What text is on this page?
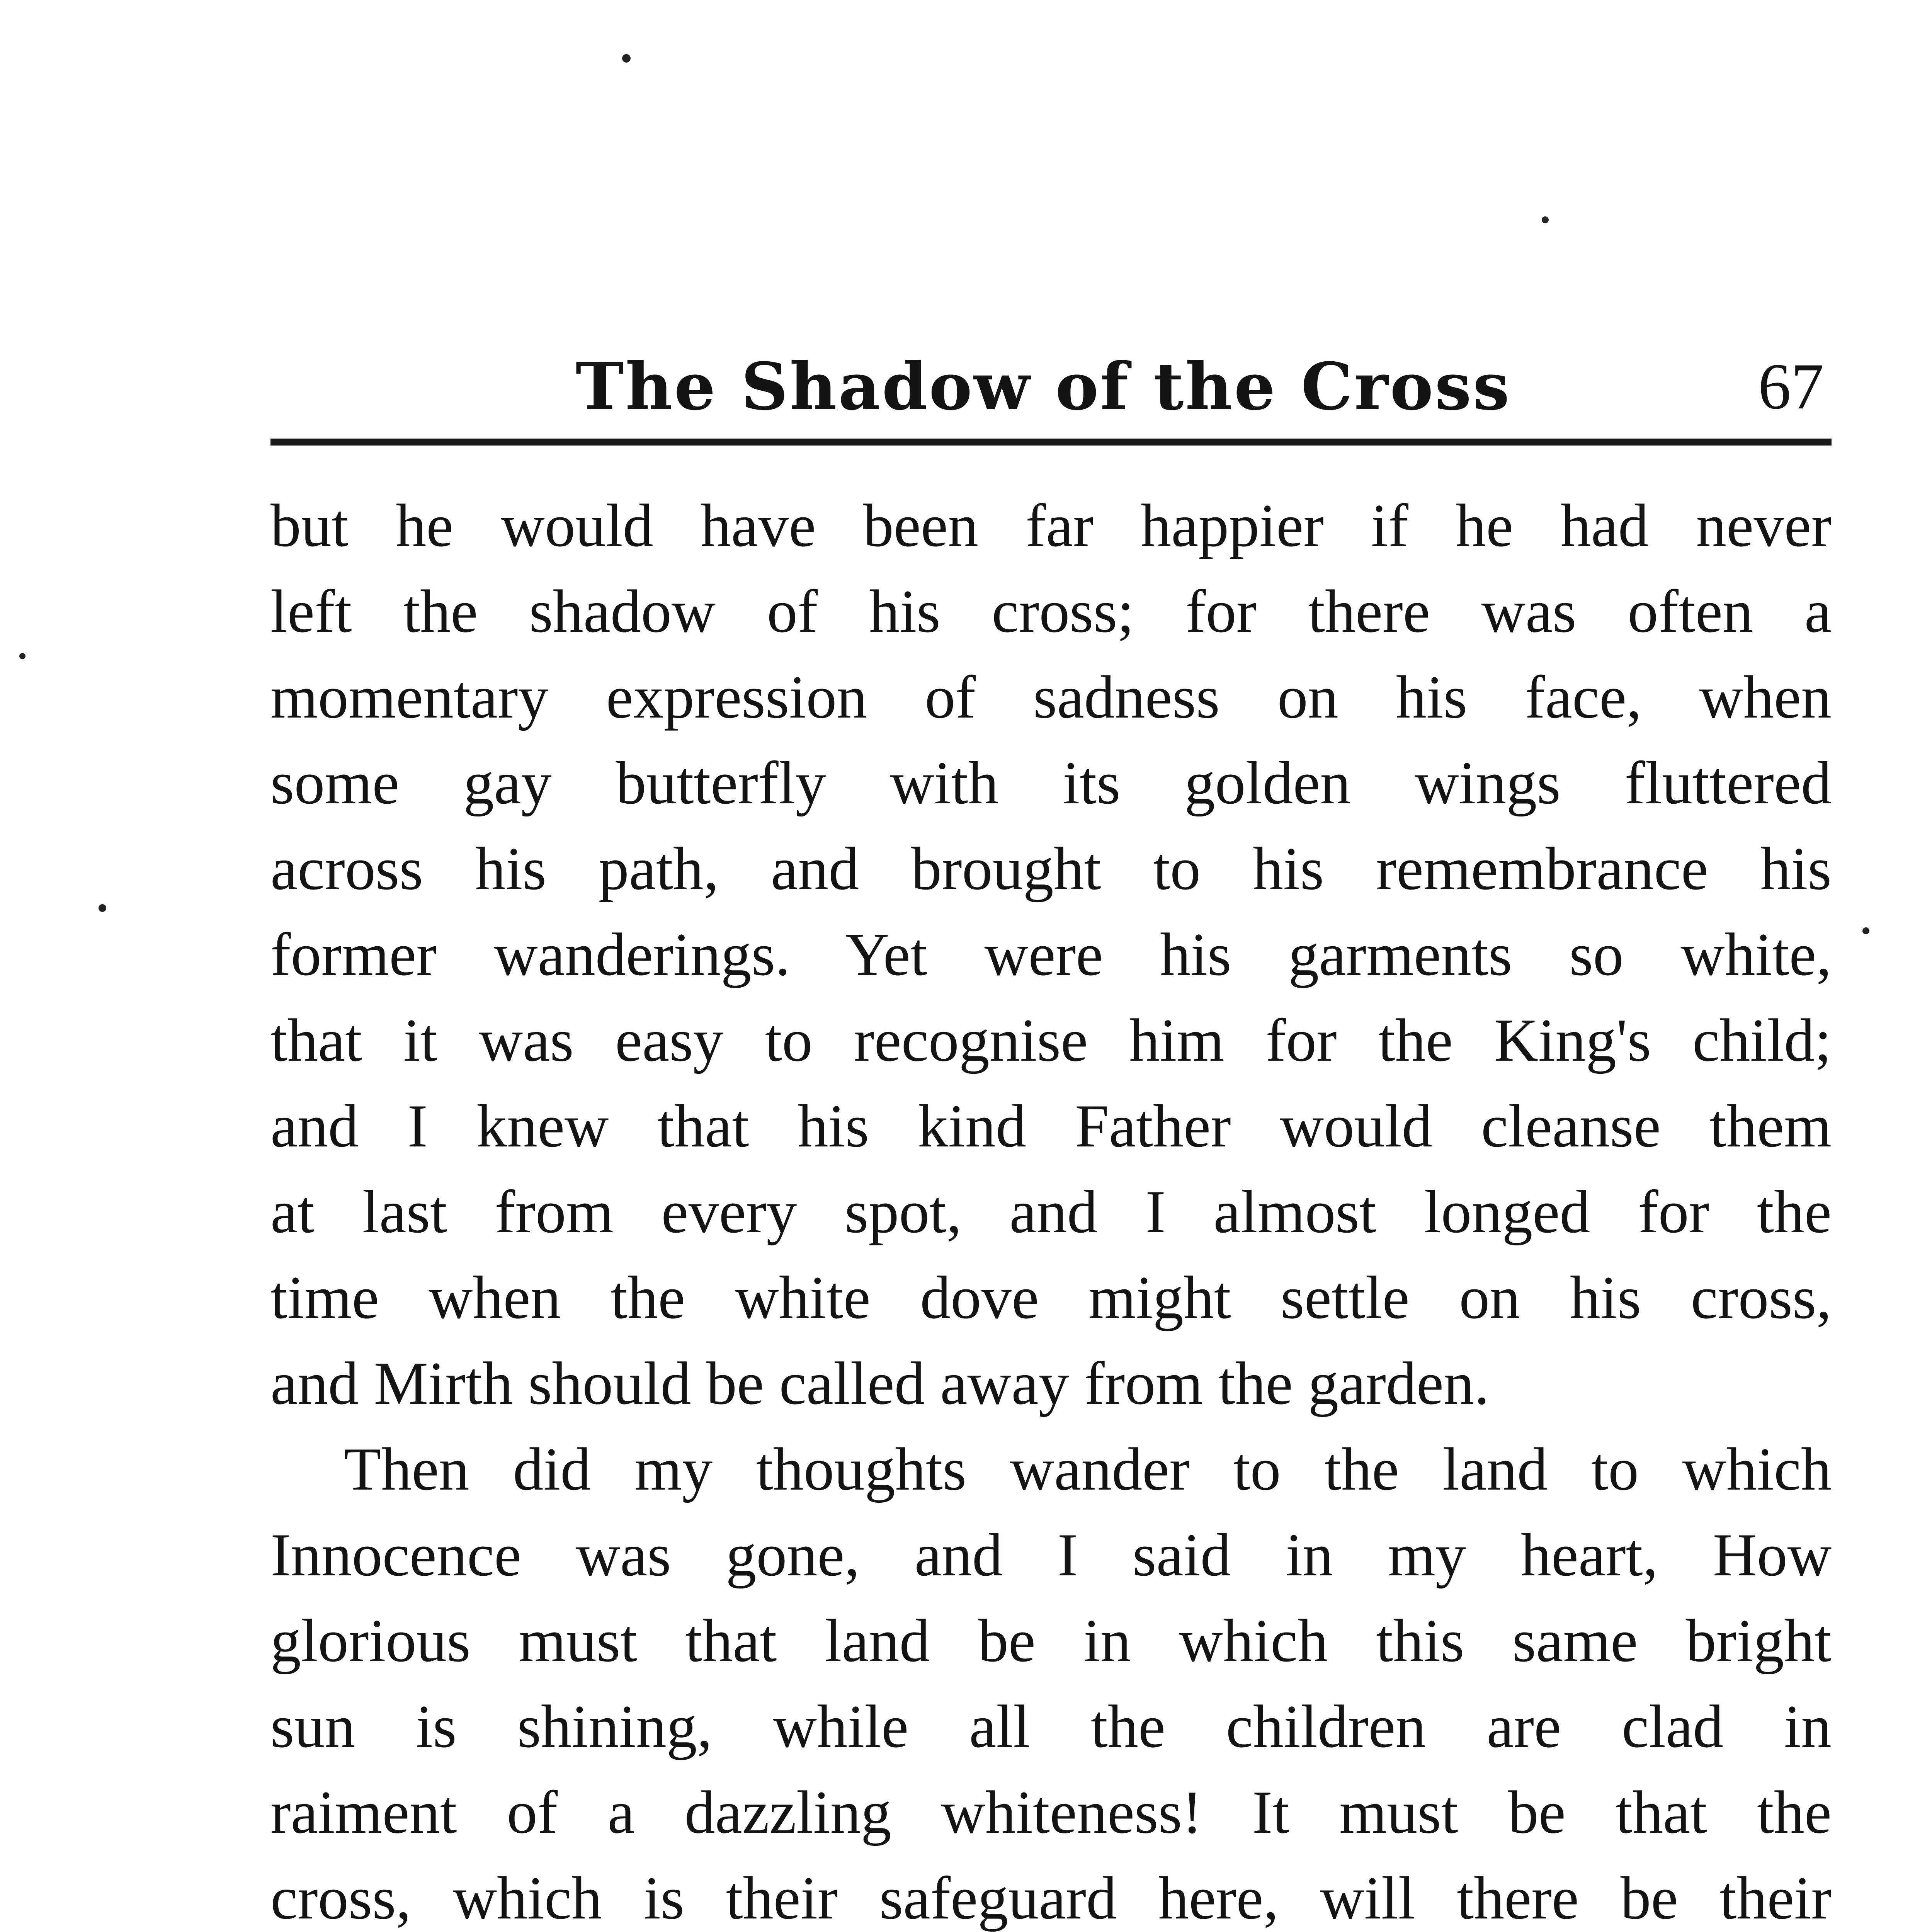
The Shadow of the Cross	67

but he would have been far happier if he had never
left the shadow of his cross; for there was often a
momentary expression of sadness on his face, when
some gay butterfly with its golden wings fluttered
across his path, and brought to his remembrance his
former wanderings. Yet were his garments so white,
that it was easy to recognise him for the King's child;
and I knew that his kind Father would cleanse them
at last from every spot, and I almost longed for the
time when the white dove might settle on his cross,
and Mirth should be called away from the garden.

Then did my thoughts wander to the land to which
Innocence was gone, and I said in my heart, How
glorious must that land be in which this same bright
sun is shining, while all the children are clad in
raiment of a dazzling whiteness! It must be that the
cross, which is their safeguard here, will there be their
